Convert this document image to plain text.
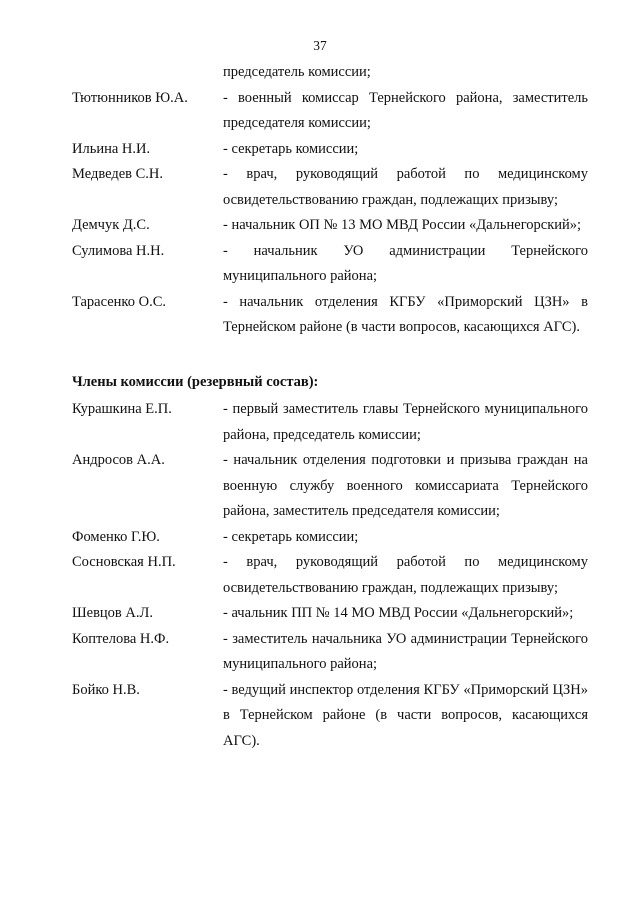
37
председатель комиссии;
Тютюнников Ю.А.	- военный комиссар Тернейского района, заместитель председателя комиссии;
Ильина Н.И.	- секретарь комиссии;
Медведев С.Н.	- врач, руководящий работой по медицинскому освидетельствованию граждан, подлежащих призыву;
Демчук Д.С.	- начальник ОП № 13 МО МВД России «Дальнегорский»;
Сулимова Н.Н.	- начальник УО администрации Тернейского муниципального района;
Тарасенко О.С.	- начальник отделения КГБУ «Приморский ЦЗН» в Тернейском районе (в части вопросов, касающихся АГС).
Члены комиссии (резервный состав):
Курашкина Е.П.	- первый заместитель главы Тернейского муниципального района, председатель комиссии;
Андросов А.А.	- начальник отделения подготовки и призыва граждан на военную службу военного комиссариата Тернейского района, заместитель председателя комиссии;
Фоменко Г.Ю.	- секретарь комиссии;
Сосновская Н.П.	- врач, руководящий работой по медицинскому освидетельствованию граждан, подлежащих призыву;
Шевцов А.Л.	- ачальник ПП № 14 МО МВД России «Дальнегорский»;
Коптелова Н.Ф.	- заместитель начальника УО администрации Тернейского муниципального района;
Бойко Н.В.	- ведущий инспектор отделения КГБУ «Приморский ЦЗН» в Тернейском районе (в части вопросов, касающихся АГС).
